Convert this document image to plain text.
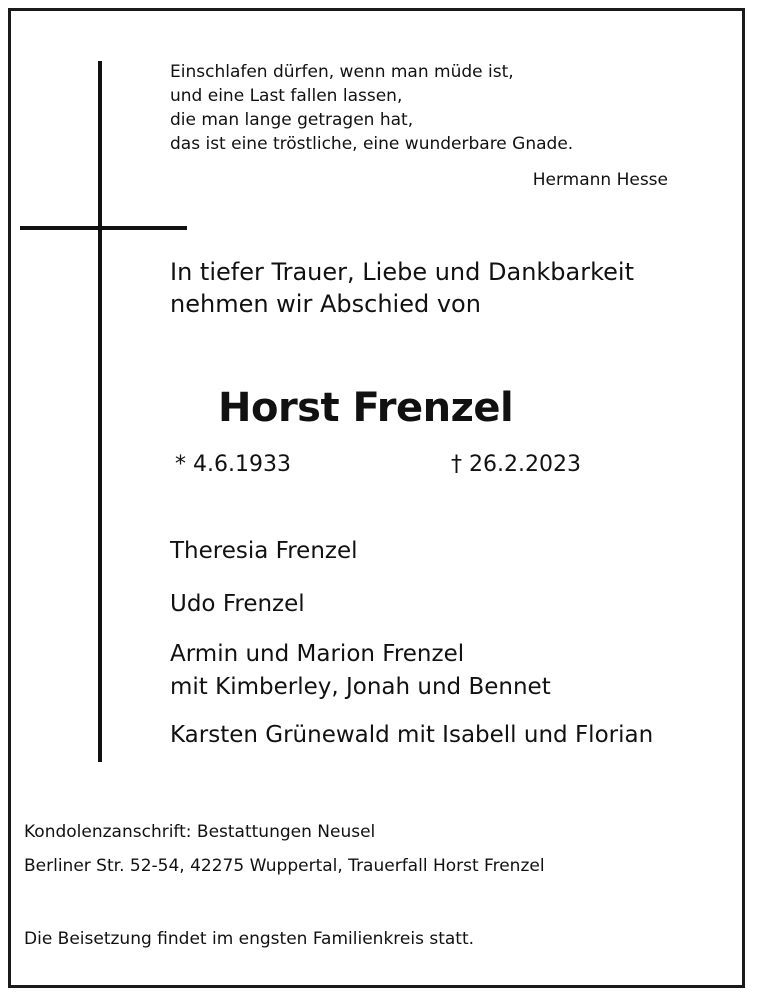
Einschlafen dürfen, wenn man müde ist,
und eine Last fallen lassen,
die man lange getragen hat,
das ist eine tröstliche, eine wunderbare Gnade.
Hermann Hesse
In tiefer Trauer, Liebe und Dankbarkeit
nehmen wir Abschied von
Horst Frenzel
* 4.6.1933	† 26.2.2023
Theresia Frenzel
Udo Frenzel
Armin und Marion Frenzel
mit Kimberley, Jonah und Bennet
Karsten Grünewald mit Isabell und Florian
Kondolenzanschrift: Bestattungen Neusel
Berliner Str. 52-54, 42275 Wuppertal, Trauerfall Horst Frenzel
Die Beisetzung findet im engsten Familienkreis statt.
